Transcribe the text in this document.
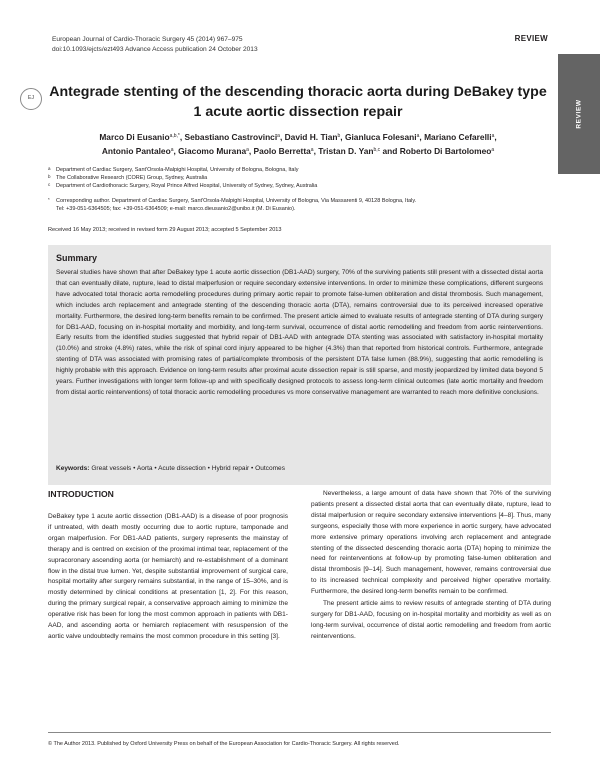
European Journal of Cardio-Thoracic Surgery 45 (2014) 967–975
doi:10.1093/ejcts/ezt493 Advance Access publication 24 October 2013
REVIEW
REVIEW
EJ	Antegrade stenting of the descending thoracic aorta during DeBakey type 1 acute aortic dissection repair
Marco Di Eusanio$^{a,b,*}$, Sebastiano Castrovinci$^a$, David H. Tian$^b$, Gianluca Folesani$^a$, Mariano Cefarelli$^a$,
Antonio Pantaleo$^a$, Giacomo Murana$^a$, Paolo Berretta$^a$, Tristan D. Yan$^{b,c}$ and Roberto Di Bartolomeo$^a$
a Department of Cardiac Surgery, Sant'Orsola-Malpighi Hospital, University of Bologna, Bologna, Italy
b The Collaborative Research (CORE) Group, Sydney, Australia
c Department of Cardiothoracic Surgery, Royal Prince Alfred Hospital, University of Sydney, Sydney, Australia
* Corresponding author. Department of Cardiac Surgery, Sant'Orsola-Malpighi Hospital, University of Bologna, Via Massarenti 9, 40128 Bologna, Italy.
Tel: +39-051-6364505; fax: +39-051-6364509; e-mail: marco.dieusanio2@unibo.it (M. Di Eusanio).
Received 16 May 2013; received in revised form 29 August 2013; accepted 5 September 2013
Summary
Several studies have shown that after DeBakey type 1 acute aortic dissection (DB1-AAD) surgery, 70% of the surviving patients still present with a dissected distal aorta that can eventually dilate, rupture, lead to distal malperfusion or require secondary extensive interventions. In order to minimize these complications, different surgeons have advocated total thoracic aorta remodelling procedures during primary aortic repair to promote false-lumen obliteration and distal thrombosis. Such management, which includes arch replacement and antegrade stenting of the descending thoracic aorta (DTA), remains controversial due to its perceived increased operative mortality. Furthermore, the desired long-term benefits remain to be confirmed. The present article aimed to evaluate results of antegrade stenting of DTA during surgery for DB1-AAD, focusing on in-hospital mortality and morbidity, and long-term survival, occurrence of distal aortic remodelling and freedom from aortic reinterventions. Early results from the identified studies suggested that hybrid repair of DB1-AAD with antegrade DTA stenting was associated with satisfactory in-hospital mortality (10.0%) and stroke (4.8%) rates, while the risk of spinal cord injury appeared to be higher (4.3%) than that reported from historical controls. Furthermore, antegrade stenting of DTA was associated with promising rates of partial/complete thrombosis of the persistent DTA false lumen (88.9%), suggesting that aortic remodelling is highly probable with this approach. Evidence on long-term results after proximal acute dissection repair is still sparse, and mostly jeopardized by limited data beyond 5 years. Further investigations with longer term follow-up and with specifically designed protocols to assess long-term clinical outcomes (late aortic mortality and freedom from distal aortic reinterventions) of total thoracic aortic remodelling procedures vs more conservative management are warranted to reach more definitive conclusions.
Keywords: Great vessels • Aorta • Acute dissection • Hybrid repair • Outcomes
INTRODUCTION

DeBakey type 1 acute aortic dissection (DB1-AAD) is a disease of poor prognosis if untreated, with death mostly occurring due to aortic rupture, tamponade and organ malperfusion. For DB1-AAD patients, surgery represents the mainstay of therapy and is centred on excision of the proximal intimal tear, replacement of the supracoronary ascending aorta (or hemiarch) and re-establishment of a dominant flow in the distal true lumen. Yet, despite substantial improvement of surgical care, hospital mortality after surgery remains substantial, in the range of 15–30%, and is mostly determined by clinical conditions at presentation [1, 2]. For this reason, during the primary surgical repair, a conservative approach aiming to minimize the operative risk has been for long the most common approach in patients with DB1-AAD, and ascending aorta or hemiarch replacement with resuspension of the aortic valve undoubtedly remains the most common procedure in this setting [3].

Nevertheless, a large amount of data have shown that 70% of the surviving patients present a dissected distal aorta that can eventually dilate, rupture, lead to distal malperfusion or require secondary extensive interventions [4–8]. Thus, many surgeons, especially those with more experience in aortic surgery, have advocated more extensive primary operations involving arch replacement and antegrade stenting of the dissected descending thoracic aorta (DTA) hoping to minimize the need for reinterventions at follow-up by promoting false-lumen obliteration and distal thrombosis [9–14]. Such management, however, remains controversial due to its increased technical complexity and perceived higher operative mortality. Furthermore, the desired long-term benefits remain to be confirmed.

The present article aims to review results of antegrade stenting of DTA during surgery for DB1-AAD, focusing on in-hospital mortality and morbidity as well as on long-term survival, occurrence of distal aortic remodelling and freedom from aortic reinterventions.

© The Author 2013. Published by Oxford University Press on behalf of the European Association for Cardio-Thoracic Surgery. All rights reserved.
